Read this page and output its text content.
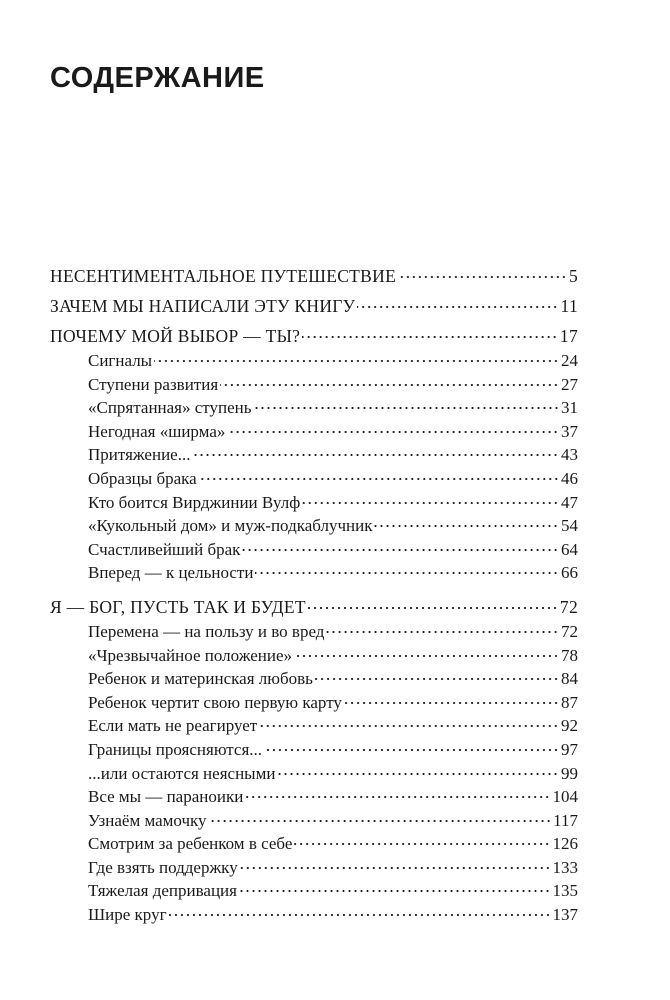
СОДЕРЖАНИЕ
НЕСЕНТИМЕНТАЛЬНОЕ ПУТЕШЕСТВИЕ	5
ЗАЧЕМ МЫ НАПИСАЛИ ЭТУ КНИГУ	11
ПОЧЕМУ МОЙ ВЫБОР — ТЫ?	17
Сигналы	24
Ступени развития	27
«Спрятанная» ступень	31
Негодная «ширма»	37
Притяжение...	43
Образцы брака	46
Кто боится Вирджинии Вулф	47
«Кукольный дом» и муж-подкаблучник	54
Счастливейший брак	64
Вперед — к цельности	66
Я — БОГ, ПУСТЬ ТАК И БУДЕТ	72
Перемена — на пользу и во вред	72
«Чрезвычайное положение»	78
Ребенок и материнская любовь	84
Ребенок чертит свою первую карту	87
Если мать не реагирует	92
Границы проясняются...	97
...или остаются неясными	99
Все мы — параноики	104
Узнаём мамочку	117
Смотрим за ребенком в себе	126
Где взять поддержку	133
Тяжелая депривация	135
Шире круг	137
